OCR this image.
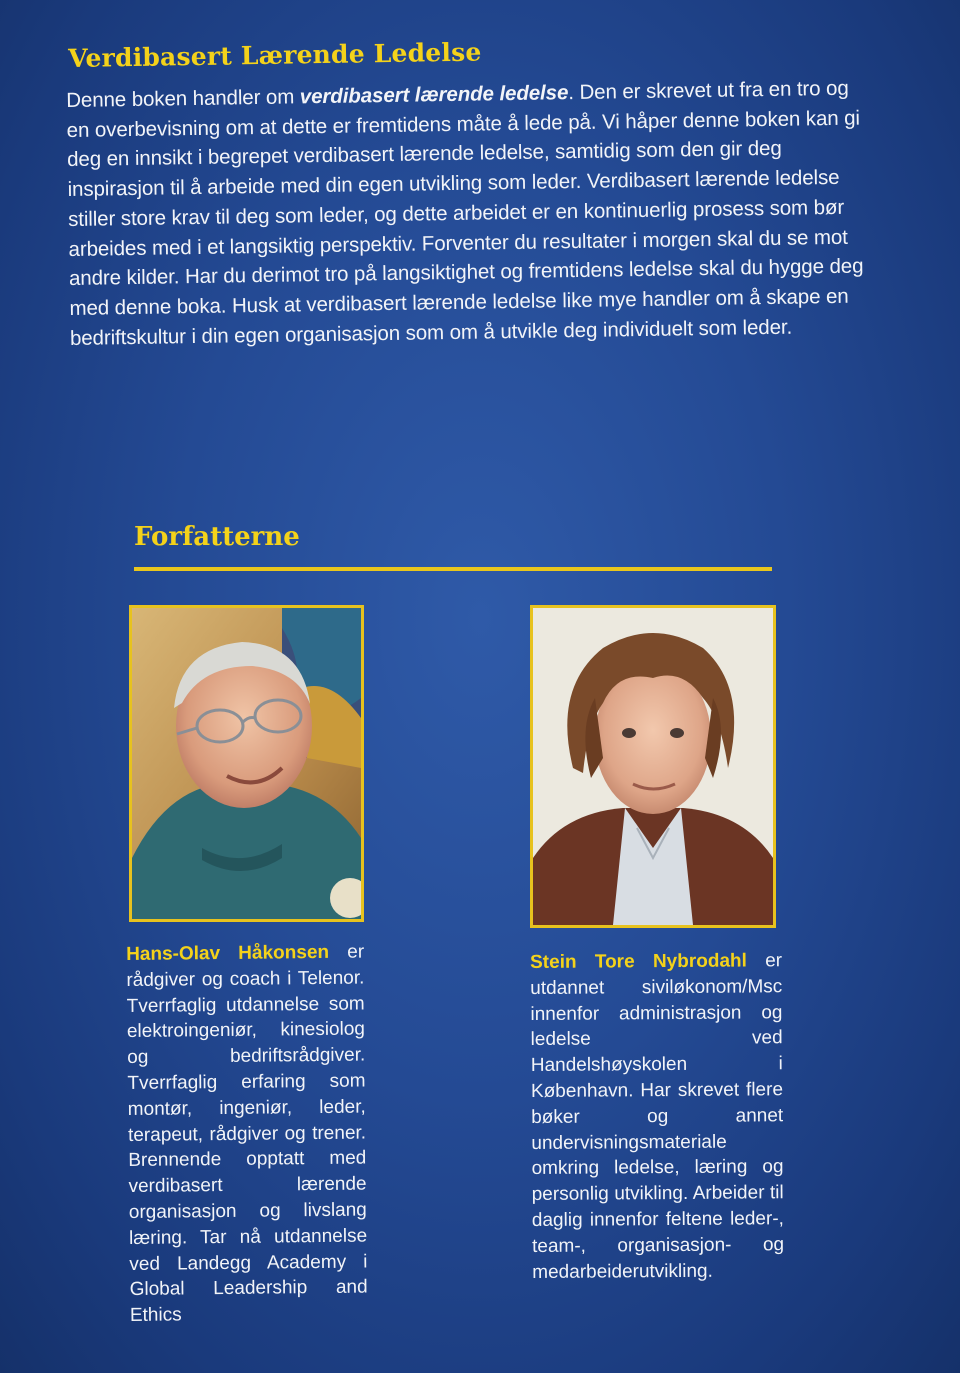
Verdibasert Lærende Ledelse

Denne boken handler om verdibasert lærende ledelse. Den er skrevet ut fra en tro og en overbevisning om at dette er fremtidens måte å lede på. Vi håper denne boken kan gi deg en innsikt i begrepet verdibasert lærende ledelse, samtidig som den gir deg inspirasjon til å arbeide med din egen utvikling som leder. Verdibasert lærende ledelse stiller store krav til deg som leder, og dette arbeidet er en kontinuerlig prosess som bør arbeides med i et langsiktig perspektiv. Forventer du resultater i morgen skal du se mot andre kilder. Har du derimot tro på langsiktighet og fremtidens ledelse skal du hygge deg med denne boka. Husk at verdibasert lærende ledelse like mye handler om å skape en bedriftskultur i din egen organisasjon som om å utvikle deg individuelt som leder.

Forfatterne

Hans-Olav Håkonsen er rådgiver og coach i Telenor. Tverrfaglig utdannelse som elektroingeniør, kinesiolog og bedriftsrådgiver. Tverrfaglig erfaring som montør, ingeniør, leder, terapeut, rådgiver og trener. Brennende opptatt med verdibasert lærende organisasjon og livslang læring. Tar nå utdannelse ved Landegg Academy i Global Leadership and Ethics

Stein Tore Nybrodahl er utdannet siviløkonom/Msc innenfor administrasjon og ledelse ved Handelshøyskolen i København. Har skrevet flere bøker og annet undervisningsmateriale omkring ledelse, læring og personlig utvikling. Arbeider til daglig innenfor feltene leder-, team-, organisasjon- og medarbeiderutvikling.
